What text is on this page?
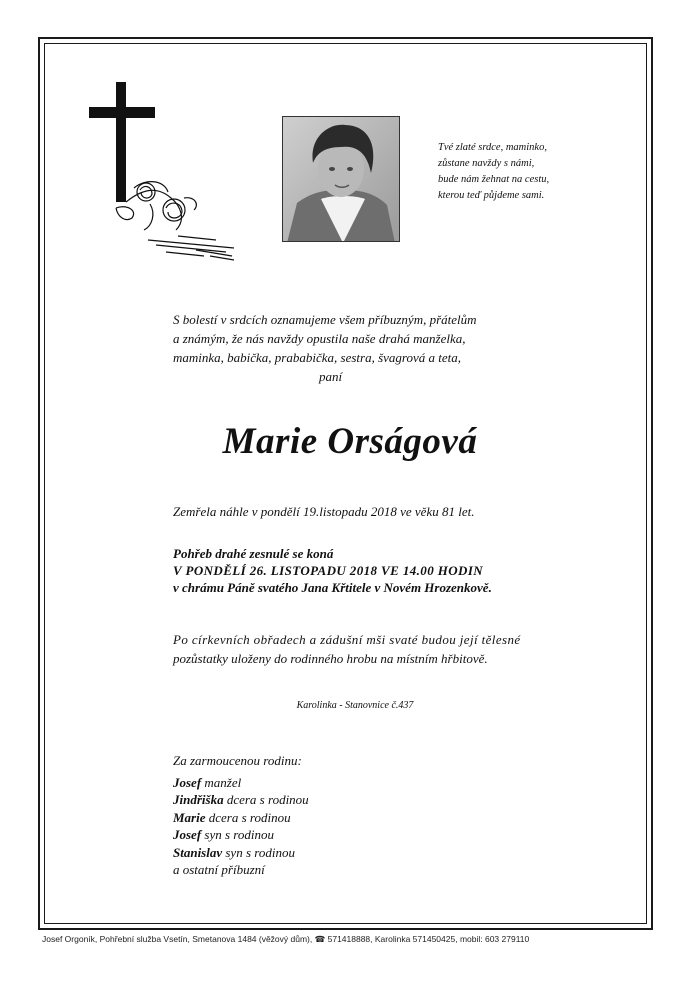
Tvé zlaté srdce, maminko,
zůstane navždy s námi,
bude nám žehnat na cestu,
kterou teď půjdeme sami.
S bolestí v srdcích oznamujeme všem příbuzným, přátelům
a známým, že nás navždy opustila naše drahá manželka,
maminka, babička, prababička, sestra, švagrová a teta,
paní
Marie Orságová
Zemřela náhle v pondělí 19.listopadu 2018 ve věku 81 let.
Pohřeb drahé zesnulé se koná
V PONDĚLÍ 26. LISTOPADU 2018 VE 14.00 HODIN
v chrámu Páně svatého Jana Křtitele v Novém Hrozenkově.
Po církevních obřadech a zádušní mši svaté budou její tělesné
pozůstatky uloženy do rodinného hrobu na místním hřbitově.
Karolinka - Stanovnice č.437
Za zarmoucenou rodinu:
Josef manžel
Jindřiška dcera s rodinou
Marie dcera s rodinou
Josef syn s rodinou
Stanislav syn s rodinou
a ostatní příbuzní
Josef Orgoník, Pohřební služba Vsetín, Smetanova 1484 (věžový dům), ☎ 571418888, Karolinka 571450425, mobil: 603 279110
